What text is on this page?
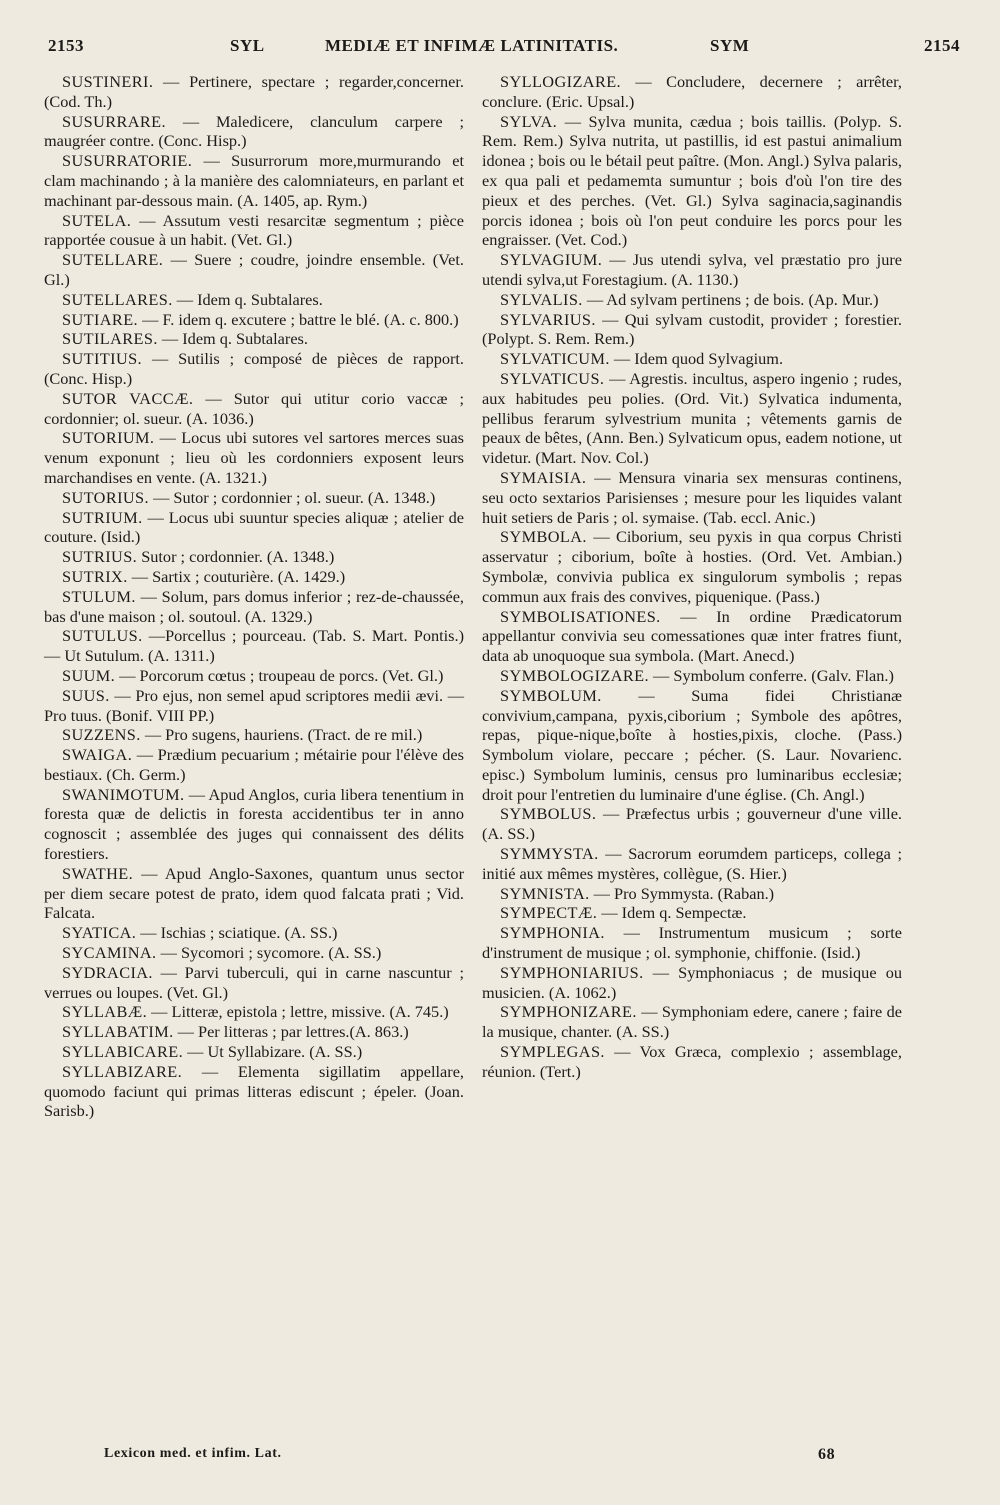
2153	SYL	MEDIÆ ET INFIMÆ LATINITATIS.	SYM	2154

SUSTINERI. — Pertinere, spectare ; regarder,concerner. (Cod. Th.)

SUSURRARE. — Maledicere, clanculum carpere ; maugréer contre. (Conc. Hisp.)

SUSURRATORIE. — Susurrorum more,murmurando et clam machinando ; à la manière des calomniateurs, en parlant et machinant par-dessous main. (A. 1405, ap. Rym.)

SUTELA. — Assutum vesti resarcitæ segmentum ; pièce rapportée cousue à un habit. (Vet. Gl.)

SUTELLARE. — Suere ; coudre, joindre ensemble. (Vet. Gl.)

SUTELLARES. — Idem q. Subtalares.

SUTIARE. — F. idem q. excutere ; battre le blé. (A. c. 800.)

SUTILARES. — Idem q. Subtalares.

SUTITIUS. — Sutilis ; composé de pièces de rapport. (Conc. Hisp.)

SUTOR VACCÆ. — Sutor qui utitur corio vaccæ ; cordonnier; ol. sueur. (A. 1036.)

SUTORIUM. — Locus ubi sutores vel sartores merces suas venum exponunt ; lieu où les cordonniers exposent leurs marchandises en vente. (A. 1321.)

SUTORIUS. — Sutor ; cordonnier ; ol. sueur. (A. 1348.)

SUTRIUM. — Locus ubi suuntur species aliquæ ; atelier de couture. (Isid.)

SUTRIUS. Sutor ; cordonnier. (A. 1348.)

SUTRIX. — Sartix ; couturière. (A. 1429.)

STULUM. — Solum, pars domus inferior ; rez-de-chaussée, bas d'une maison ; ol. soutoul. (A. 1329.)

SUTULUS. —Porcellus ; pourceau. (Tab. S. Mart. Pontis.) — Ut Sutulum. (A. 1311.)

SUUM. — Porcorum cœtus ; troupeau de porcs. (Vet. Gl.)

SUUS. — Pro ejus, non semel apud scriptores medii ævi. — Pro tuus. (Bonif. VIII PP.)

SUZZENS. — Pro sugens, hauriens. (Tract. de re mil.)

SWAIGA. — Prædium pecuarium ; métairie pour l'élève des bestiaux. (Ch. Germ.)

SWANIMOTUM. — Apud Anglos, curia libera tenentium in foresta quæ de delictis in foresta accidentibus ter in anno cognoscit ; assemblée des juges qui connaissent des délits forestiers.

SWATHE. — Apud Anglo-Saxones, quantum unus sector per diem secare potest de prato, idem quod falcata prati ; Vid. Falcata.

SYATICA. — Ischias ; sciatique. (A. SS.)

SYCAMINA. — Sycomori ; sycomore. (A. SS.)

SYDRACIA. — Parvi tuberculi, qui in carne nascuntur ; verrues ou loupes. (Vet. Gl.)

SYLLABÆ. — Litteræ, epistola ; lettre, missive. (A. 745.)

SYLLABATIM. — Per litteras ; par lettres.(A. 863.)

SYLLABICARE. — Ut Syllabizare. (A. SS.)

SYLLABIZARE. — Elementa sigillatim appellare, quomodo faciunt qui primas litteras ediscunt ; épeler. (Joan. Sarisb.)

SYLLOGIZARE. — Concludere, decernere ; arrêter, conclure. (Eric. Upsal.)

SYLVA. — Sylva munita, cædua ; bois taillis. (Polyp. S. Rem. Rem.) Sylva nutrita, ut pastillis, id est pastui animalium idonea ; bois ou le bétail peut paître. (Mon. Angl.) Sylva palaris, ex qua pali et pedamemta sumuntur ; bois d'où l'on tire des pieux et des perches. (Vet. Gl.) Sylva saginacia,saginandis porcis idonea ; bois où l'on peut conduire les porcs pour les engraisser. (Vet. Cod.)

SYLVAGIUM. — Jus utendi sylva, vel præstatio pro jure utendi sylva,ut Forestagium. (A. 1130.)

SYLVALIS. — Ad sylvam pertinens ; de bois. (Ap. Mur.)

SYLVARIUS. — Qui sylvam custodit, provideт ; forestier. (Polypt. S. Rem. Rem.)

SYLVATICUM. — Idem quod Sylvagium.

SYLVATICUS. — Agrestis. incultus, aspero ingenio ; rudes, aux habitudes peu polies. (Ord. Vit.) Sylvatica indumenta, pellibus ferarum sylvestrium munita ; vêtements garnis de peaux de bêtes, (Ann. Ben.) Sylvaticum opus, eadem notione, ut videtur. (Mart. Nov. Col.)

SYMAISIA. — Mensura vinaria sex mensuras continens, seu octo sextarios Parisienses ; mesure pour les liquides valant huit setiers de Paris ; ol. symaise. (Tab. eccl. Anic.)

SYMBOLA. — Ciborium, seu pyxis in qua corpus Christi asservatur ; ciborium, boîte à hosties. (Ord. Vet. Ambian.) Symbolæ, convivia publica ex singulorum symbolis ; repas commun aux frais des convives, piquenique. (Pass.)

SYMBOLISATIONES. — In ordine Prædicatorum appellantur convivia seu comessationes quæ inter fratres fiunt, data ab unoquoque sua symbola. (Mart. Anecd.)

SYMBOLOGIZARE. — Symbolum conferre. (Galv. Flan.)

SYMBOLUM. — Suma fidei Christianæ convivium,campana, pyxis,ciborium ; Symbole des apôtres, repas, pique-nique,boîte à hosties,pixis, cloche. (Pass.) Symbolum violare, peccare ; pécher. (S. Laur. Novarienc. episc.) Symbolum luminis, census pro luminaribus ecclesiæ; droit pour l'entretien du luminaire d'une église. (Ch. Angl.)

SYMBOLUS. — Præfectus urbis ; gouverneur d'une ville. (A. SS.)

SYMMYSTA. — Sacrorum eorumdem particeps, collega ; initié aux mêmes mystères, collègue, (S. Hier.)

SYMNISTA. — Pro Symmysta. (Raban.)

SYMPECTÆ. — Idem q. Sempectæ.

SYMPHONIA. — Instrumentum musicum ; sorte d'instrument de musique ; ol. symphonie, chiffonie. (Isid.)

SYMPHONIARIUS. — Symphoniacus ; de musique ou musicien. (A. 1062.)

SYMPHONIZARE. — Symphoniam edere, canere ; faire de la musique, chanter. (A. SS.)

SYMPLEGAS. — Vox Græca, complexio ; assemblage, réunion. (Tert.)

Lexicon med. et infim. Lat.	68
